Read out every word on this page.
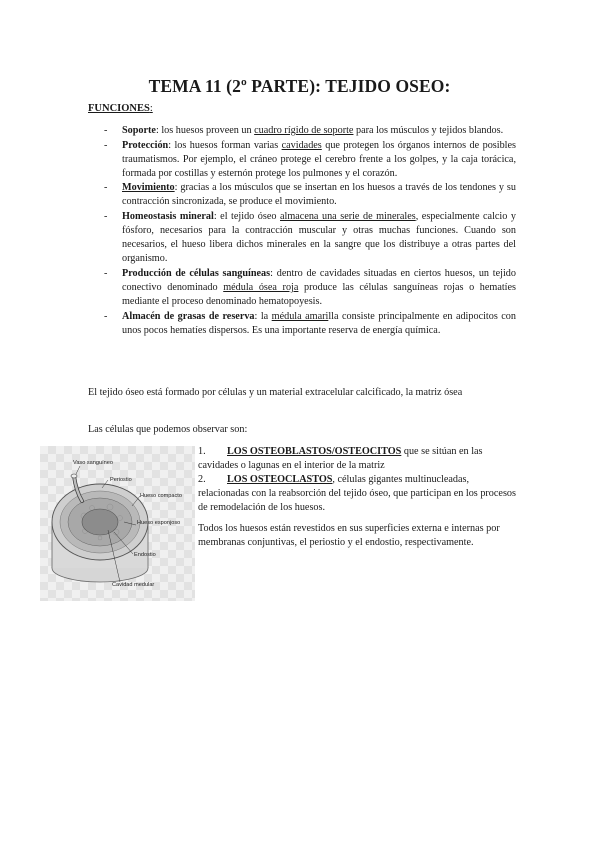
TEMA 11 (2º PARTE): TEJIDO OSEO:
FUNCIONES:
- Soporte: los huesos proveen un cuadro rígido de soporte para los músculos y tejidos blandos.
- Protección: los huesos forman varias cavidades que protegen los órganos internos de posibles traumatismos. Por ejemplo, el cráneo protege el cerebro frente a los golpes, y la caja torácica, formada por costillas y esternón protege los pulmones y el corazón.
- Movimiento: gracias a los músculos que se insertan en los huesos a través de los tendones y su contracción sincronizada, se produce el movimiento.
- Homeostasis mineral: el tejido óseo almacena una serie de minerales, especialmente calcio y fósforo, necesarios para la contracción muscular y otras muchas funciones. Cuando son necesarios, el hueso libera dichos minerales en la sangre que los distribuye a otras partes del organismo.
- Producción de células sanguíneas: dentro de cavidades situadas en ciertos huesos, un tejido conectivo denominado médula ósea roja produce las células sanguíneas rojas o hematíes mediante el proceso denominado hematopoyesis.
- Almacén de grasas de reserva: la médula amarilla consiste principalmente en adipocitos con unos pocos hematíes dispersos. Es una importante reserva de energía química.
El tejido óseo está formado por células y un material extracelular calcificado, la matriz ósea
Las células que podemos observar son:
Vaso sanguíneo
Periostio
Hueso compacto
Hueso esponjoso
Endostio
Cavidad medular
1. LOS OSTEOBLASTOS/OSTEOCITOS que se sitúan en las cavidades o lagunas en el interior de la matriz
2. LOS OSTEOCLASTOS, células gigantes multinucleadas, relacionadas con la reabsorción del tejido óseo, que participan en los procesos de remodelación de los huesos.
Todos los huesos están revestidos en sus superficies externa e internas por membranas conjuntivas, el periostio y el endostio, respectivamente.
